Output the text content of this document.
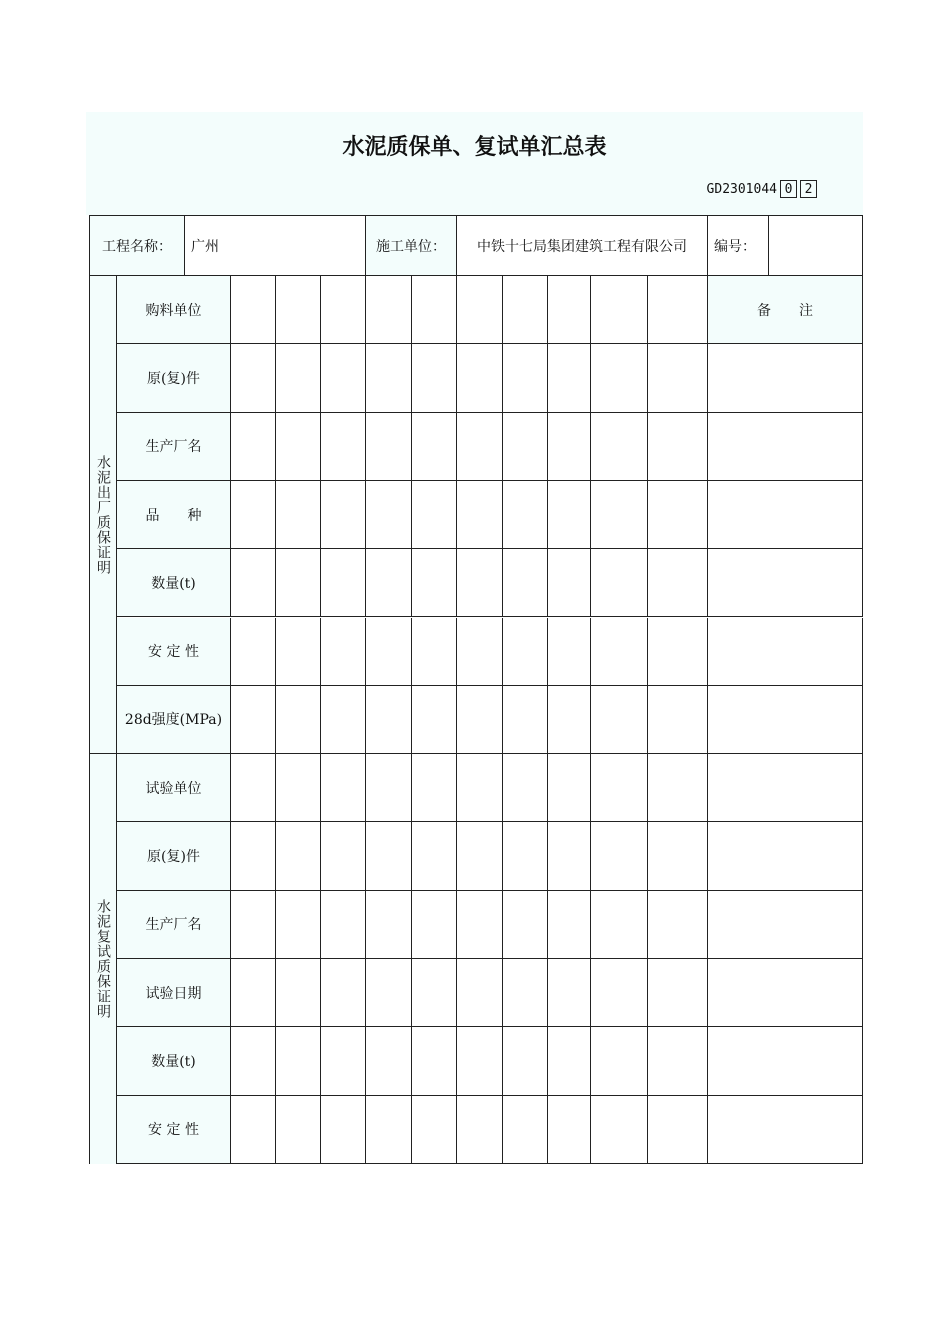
水泥质保单、复试单汇总表
GD2301044 0 2
工程名称： 广州	施工单位： 中铁十七局集团建筑工程有限公司 编号：
水泥出厂质保证明
购料单位	备　　注
原(复)件
生产厂名
品　　种
数量(t)
安 定 性
28d强度(MPa)
水泥复试质保证明
试验单位
原(复)件
生产厂名
试验日期
数量(t)
安 定 性
